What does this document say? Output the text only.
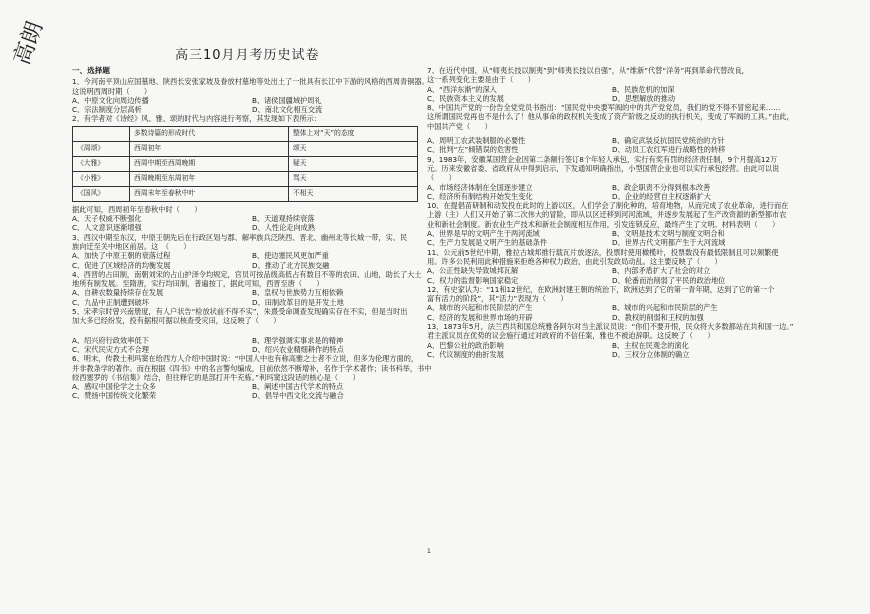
高朗	高三10月月考历史试卷
一、选择题
1、今河南平顶山应国墓地、陕西长安张家坡及眷放村墓地等处出土了一批具有长江中下游的风格的西周青铜器。
这说明西周时期（　　）
A、中原文化向周边传播	B、诸侯国疆域护周礼
C、宗法制度分层高析	D、南北文化相互交流
2、有学者对《诗经》风、雅、颂的时代与内容进行考察，其发现如下表所示：
	多数诗篇的形成时代	整体上对“天”的态度
《周颂》	西周初年	颂天
《大雅》	西周中期至西周晚期	疑天
《小雅》	西周晚期至东周初年	骂天
《国风》	西周末年至春秋中叶	不相天
据此可知，西周初年至春秋中时（　　）
A、天子权威不断强化	B、天道观持续衰落
C、人文意识逐渐增强	D、人性论走向成熟
3、西汉中期至东汉，中原王朝先后在行政区划与郡、解率族兵泛陕西、晋北、幽州北等长城一带，实、民
族向迁至关中地区前居。这　（　　）
A、加快了中原王朝的衰落过程	B、使边塞民风更加严重
C、促进了区域经济的均衡发展	D、推动了北方民族交融
4、西晋的占田制，南朝刘宋的占山护泽令均规定，官员可按品级高低占有数目不等的农田、山地，助长了大土
地所有制发展。至隋唐，实行均田制，普遍按丁，据此可知，西晋至唐（　　）
A、自耕农数量持续存在发展	B、皇权与世族势力互相依赖
C、九品中正制遭到破坏	D、田制改革目的是开发土地
5、宋孝宗时曾兴南册度，有人户状告“检放状前不得不实”，朱熹受命调查发现确实存在不实，但是当时出
加大多已经纷发，投有据根可据以核查受灾田，这反映了（　　）
A、绍兴府行政效率低下	B、理学强调实事求是的精神
C、宋代民灾方式不合理	D、绍兴农业精细耕作的特点
6、明末，传教士利玛窦在给西方人介绍中国时说：“中国人中也有称高雅之士者不立说，但多为伦理方面的，
并非教条学的著作。而在根据《四书》中的名言警句编成，目前依然不断增补，名作于学术著作；读书科举，书中
较西塞罗的《书信集》结合，但往释它的是部打开牛充栋。”利玛窦这段话的核心是（　　）
A、感叹中国伦学之士众多	B、阐述中国古代学术的特点
C、赞扬中国传统文化繁荣	D、倡导中西文化交流与融合
7、在近代中国，从“师夷长技以制夷”到“师夷长技以自强”，从“维新”代替“洋务”再到革命代替改良，
这一系列变化主要是由于（　　）
A、“西洋东渐”的深入	B、民族危机的加深
C、民族资本主义的发展	D、思想解放的推动
8、中国共产党的一份告全党党员书指出：“国民党中央要军阀的中的共产党党员，我们的党不得不冒密起来……
这所谓国民党再也不是什么了！他从事命的政权机关变成了资产阶级之反动的执行机关，变成了军阀的工具。”由此，
中国共产党（　　）
A、周明工农武装制服的必要性	B、确定武装反抗国民党统治的方针
C、批判“左”倾错误的危害性	D、动员工农红军进行战略性的转移
9、1983年，安徽某国营企业因第二条额行签订8个年轻人承包，实行有奖有罚的经济责任制，9个月提高12万
元。历来安徽省委、省政府从中得到启示，下发通知明确指出，小型国营企业也可以实行承包经营。由此可以说
（　　）
A、市场经济体制在全国逐步建立	B、政企职责不分得到根本改善
C、经济所有制结构开始发生变化	D、企业的经营自主权逐渐扩大
10、在提倡苗研制和动发投在此时的上游以区，人们学会了制化种的，培育地物，从而完成了农业革命，进行而在
上游（主）人们又开始了第二次伟大的冒险，即从以区迁移到河河流域，并逐步发展起了生产改资源的新型都市农
业和新社会制度。新农业生产技术和新社会制度相互作用，引发连锁反应，最终产生了文明。材料表明（　　）
A、世界是早的文明产生于两河流域	B、文明是技术文明与制度文明合和
C、生产力发展是文明产生的基础条件	D、世界古代文明都产生于大河流域
11、公元前5世纪中期，雅拉古城邦推行载瓦片放逐法，投票时使用橄榄叶，投票数没有最低限制且可以频繁使
用。许多公民利用此种措施来拒绝各种权力政治，由此引发政局动乱。这主要反映了（　　）
A、公正性缺失导致城邦瓦解	B、内部矛盾扩大了社会的对立
C、权力的监督影响国家稳定	D、轮番而治削弱了平民的政治地位
12、有史家认为：“11和12世纪，在欧洲封建王朝的统治下，欧洲达到了它的第一青年期，达到了它的第一个
富有活力的阶段”，其“活力”表现为（　　）
A、城市的兴起和市民阶层的产生	B、城市的兴起和市民阶层的产生
C、经济的发展和世界市场的开辟	D、教权的削弱和王权的加强
13、1873年5月，法兰西共和国总统雅各阿尔对当主派议员说：“你们不要开恨，民众将大多数都站在共和国一边。”
君主派议员在优势的议会施行通过对政府的不信任案，雅也不被迫辞职。这反映了（　　）
A、巴黎公社的政治影响	B、主权在民观念的演化
C、代议制度的曲折发展	D、三权分立体制的确立
1
